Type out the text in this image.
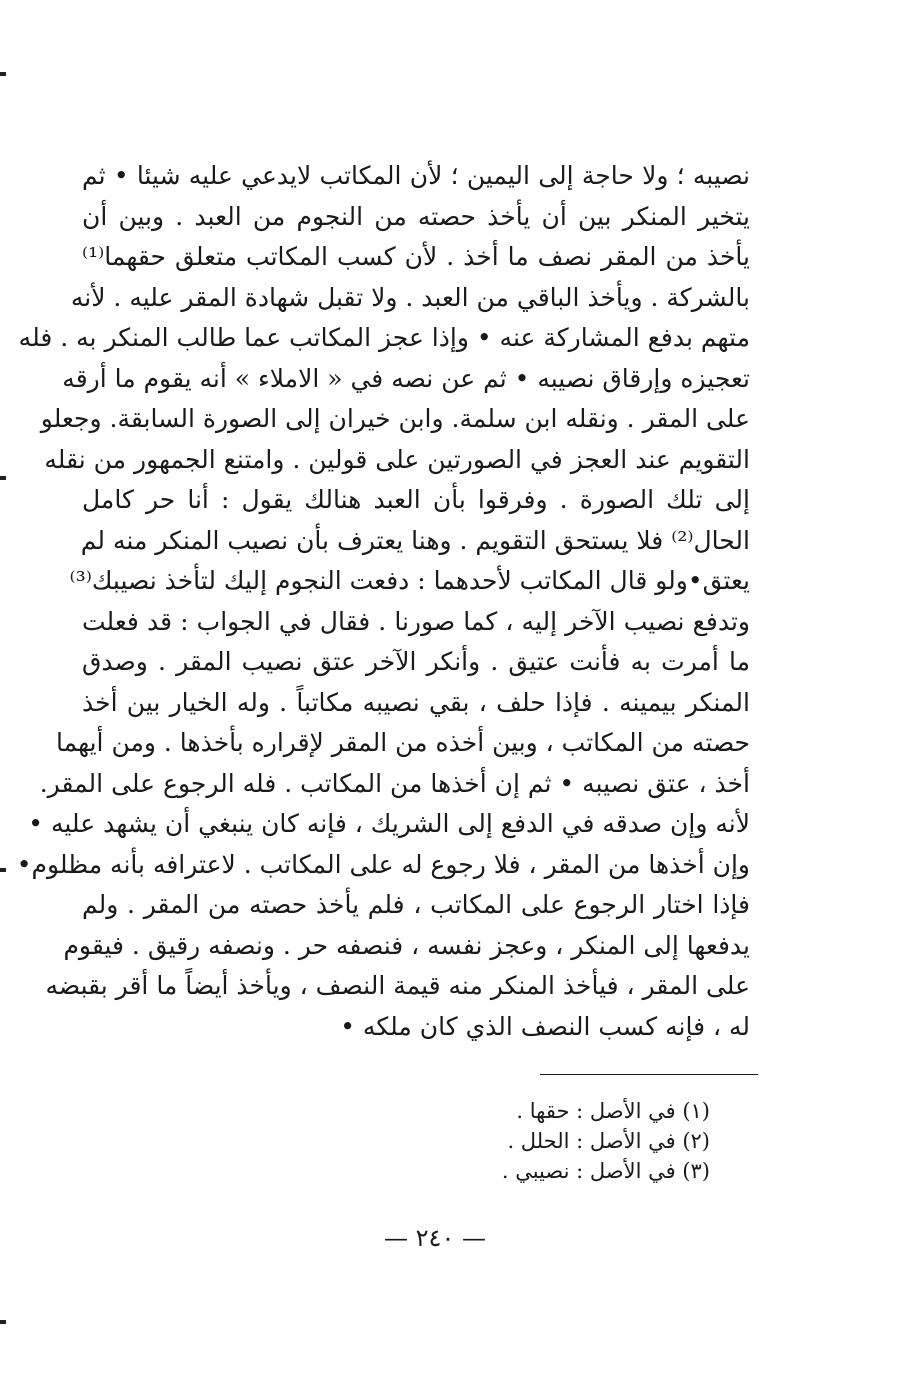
نصيبه ؛ ولا حاجة إلى اليمين ؛ لأن المكاتب لايدعي عليه شيئا • ثم
يتخير المنكر بين أن يأخذ حصته من النجوم من العبد . وبين أن
يأخذ من المقر نصف ما أخذ . لأن كسب المكاتب متعلق حقهما⁽¹⁾
بالشركة . ويأخذ الباقي من العبد . ولا تقبل شهادة المقر عليه . لأنه
متهم بدفع المشاركة عنه • وإذا عجز المكاتب عما طالب المنكر به . فله
تعجيزه وإرقاق نصيبه • ثم عن نصه في « الاملاء » أنه يقوم ما أرقه
على المقر . ونقله ابن سلمة. وابن خيران إلى الصورة السابقة. وجعلو
التقويم عند العجز في الصورتين على قولين . وامتنع الجمهور من نقله
إلى تلك الصورة . وفرقوا بأن العبد هنالك يقول : أنا حر كامل
الحال⁽²⁾ فلا يستحق التقويم . وهنا يعترف بأن نصيب المنكر منه لم
يعتق•ولو قال المكاتب لأحدهما : دفعت النجوم إليك لتأخذ نصيبك⁽³⁾
وتدفع نصيب الآخر إليه ، كما صورنا . فقال في الجواب : قد فعلت
ما أمرت به فأنت عتيق . وأنكر الآخر عتق نصيب المقر . وصدق
المنكر بيمينه . فإذا حلف ، بقي نصيبه مكاتباً . وله الخيار بين أخذ
حصته من المكاتب ، وبين أخذه من المقر لإقراره بأخذها . ومن أيهما
أخذ ، عتق نصيبه • ثم إن أخذها من المكاتب . فله الرجوع على المقر.
لأنه وإن صدقه في الدفع إلى الشريك ، فإنه كان ينبغي أن يشهد عليه •
وإن أخذها من المقر ، فلا رجوع له على المكاتب . لاعترافه بأنه مظلوم•
فإذا اختار الرجوع على المكاتب ، فلم يأخذ حصته من المقر . ولم
يدفعها إلى المنكر ، وعجز نفسه ، فنصفه حر . ونصفه رقيق . فيقوم
على المقر ، فيأخذ المنكر منه قيمة النصف ، ويأخذ أيضاً ما أقر بقبضه
له ، فإنه كسب النصف الذي كان ملكه •
(١) في الأصل : حقها .
(٢) في الأصل : الحلل .
(٣) في الأصل : نصيبي .
— ٢٤٠ —
